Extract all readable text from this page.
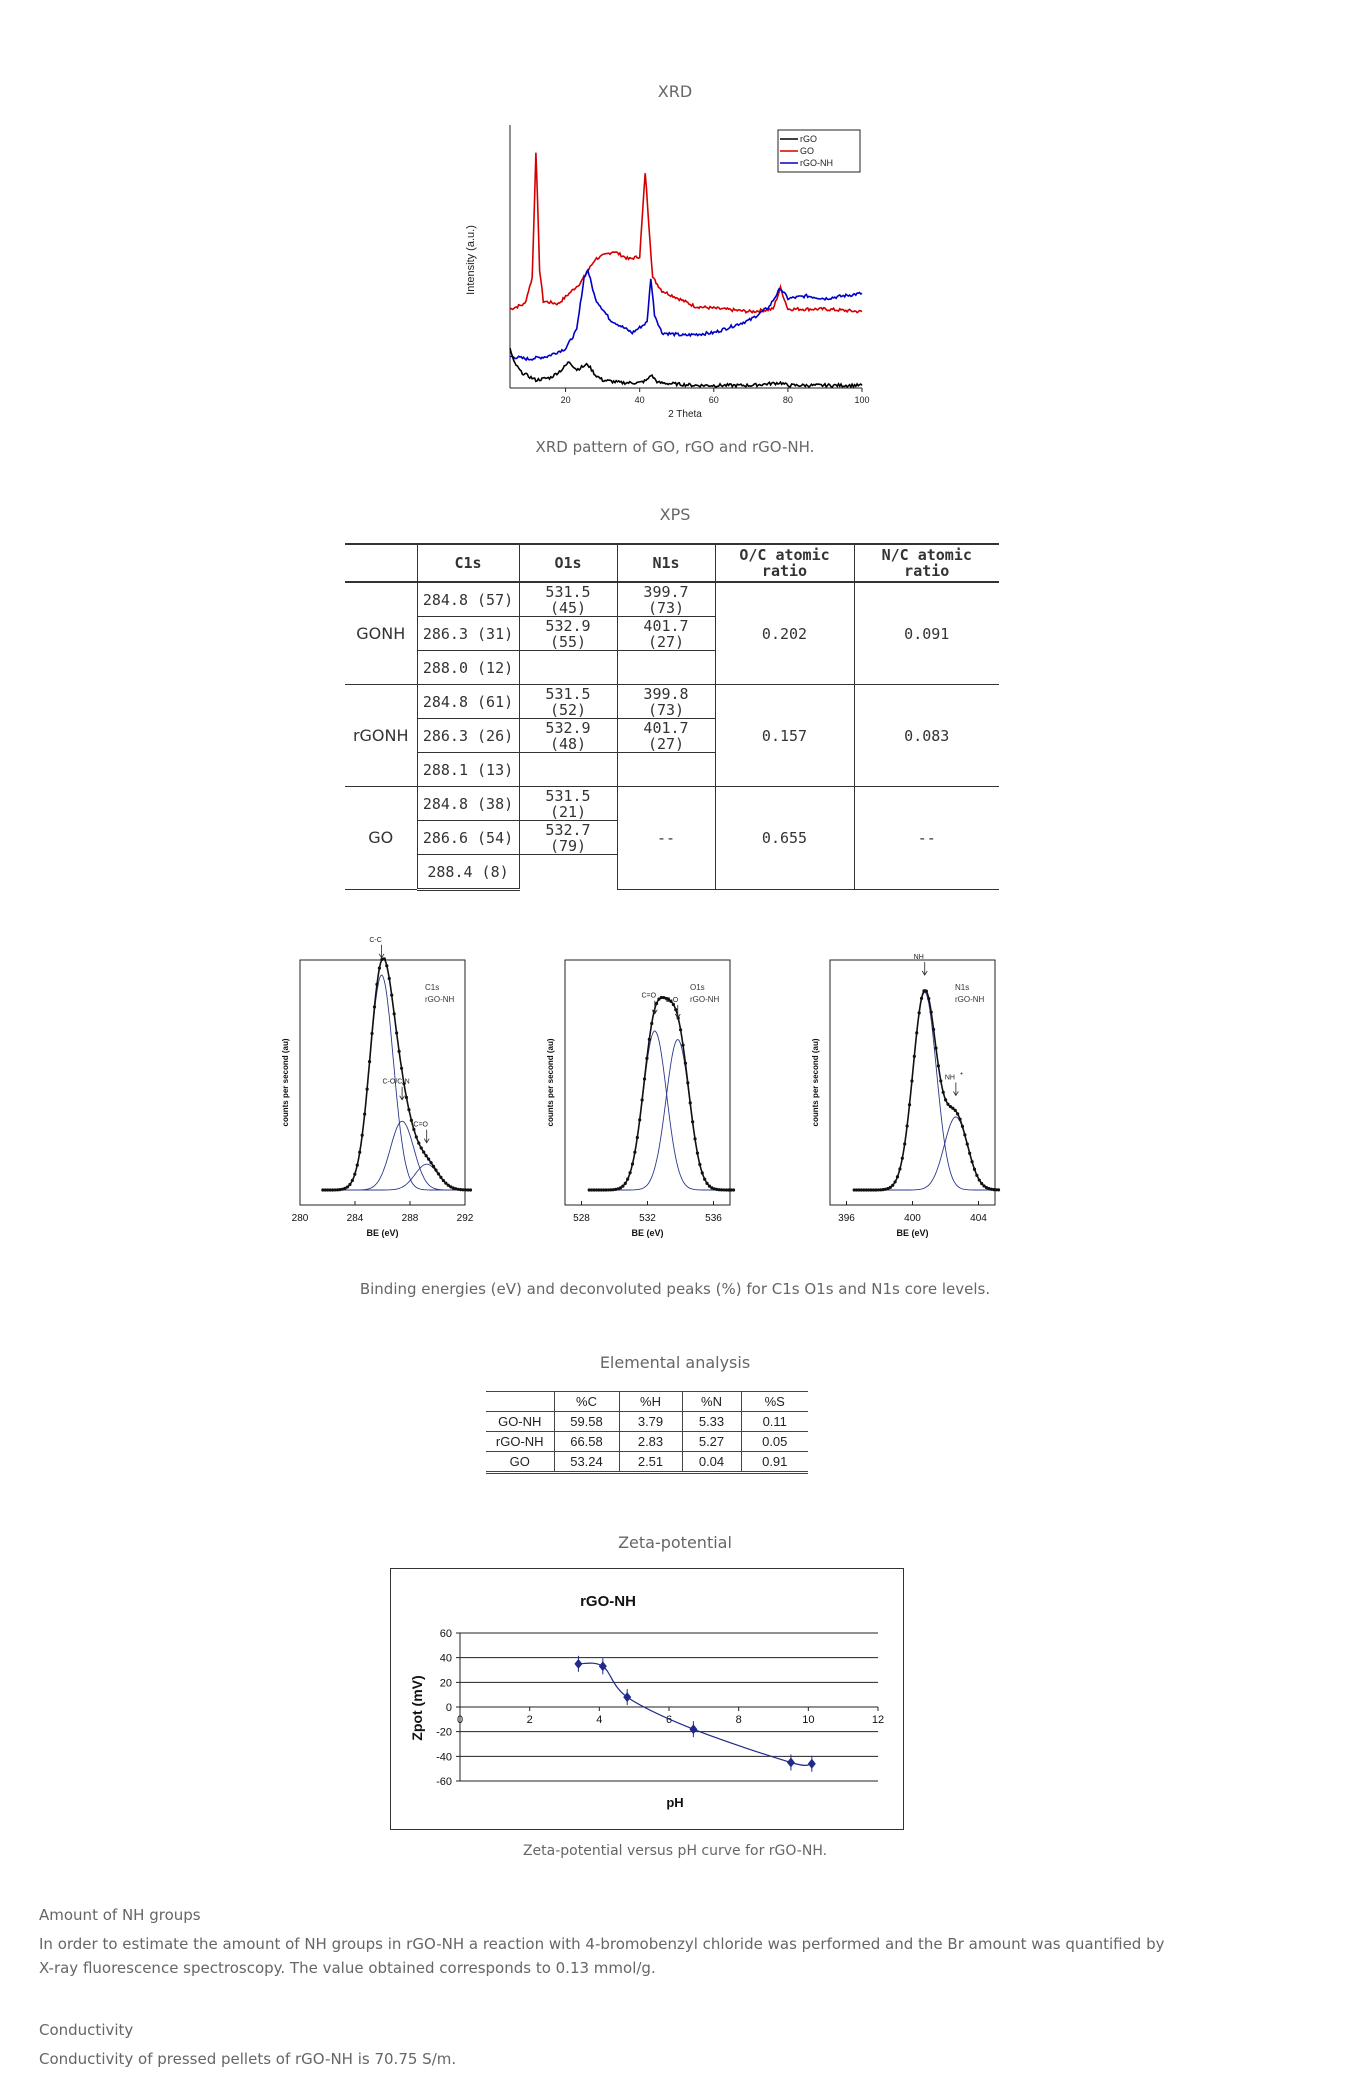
XRD
20	40	60	80	100
Intensity (a.u.)
2 Theta
rGO
GO
rGO-NH
XRD pattern of GO, rGO and rGO-NH.
XPS
	C1s	O1s	N1s	O/C atomic ratio	N/C atomic ratio
GONH	284.8 (57)	531.5 (45)	399.7 (73)	0.202	0.091
	286.3 (31)	532.9 (55)	401.7 (27)		
	288.0 (12)				
rGONH	284.8 (61)	531.5 (52)	399.8 (73)	0.157	0.083
	286.3 (26)	532.9 (48)	401.7 (27)		
	288.1 (13)				
GO	284.8 (38)	531.5 (21)	--	0.655	--
	286.6 (54)	532.7 (79)			
	288.4 (8)				
280	284	288	292
BE (eV)
counts per second (au)
C1s
rGO-NH
C-C
C-O/C-N
C=O
528	532	536
BE (eV)
counts per second (au)
O1s
rGO-NH
C=O
C-O
396	400	404
BE (eV)
counts per second (au)
N1s
rGO-NH
NH
NH +
Binding energies (eV) and deconvoluted peaks (%) for C1s O1s and N1s core levels.
Elemental analysis
	%C	%H	%N	%S
GO-NH	59.58	3.79	5.33	0.11
rGO-NH	66.58	2.83	5.27	0.05
GO	53.24	2.51	0.04	0.91
Zeta-potential
rGO-NH
60
40
20
0
-20
-40
-60
0	2	4	6	8	10	12
Zpot (mV)
pH
Zeta-potential versus pH curve for rGO-NH.
Amount of NH groups
In order to estimate the amount of NH groups in rGO-NH a reaction with 4-bromobenzyl chloride was performed and the Br amount was quantified by X-ray fluorescence spectroscopy. The value obtained corresponds to 0.13 mmol/g.
Conductivity
Conductivity of pressed pellets of rGO-NH is 70.75 S/m.
